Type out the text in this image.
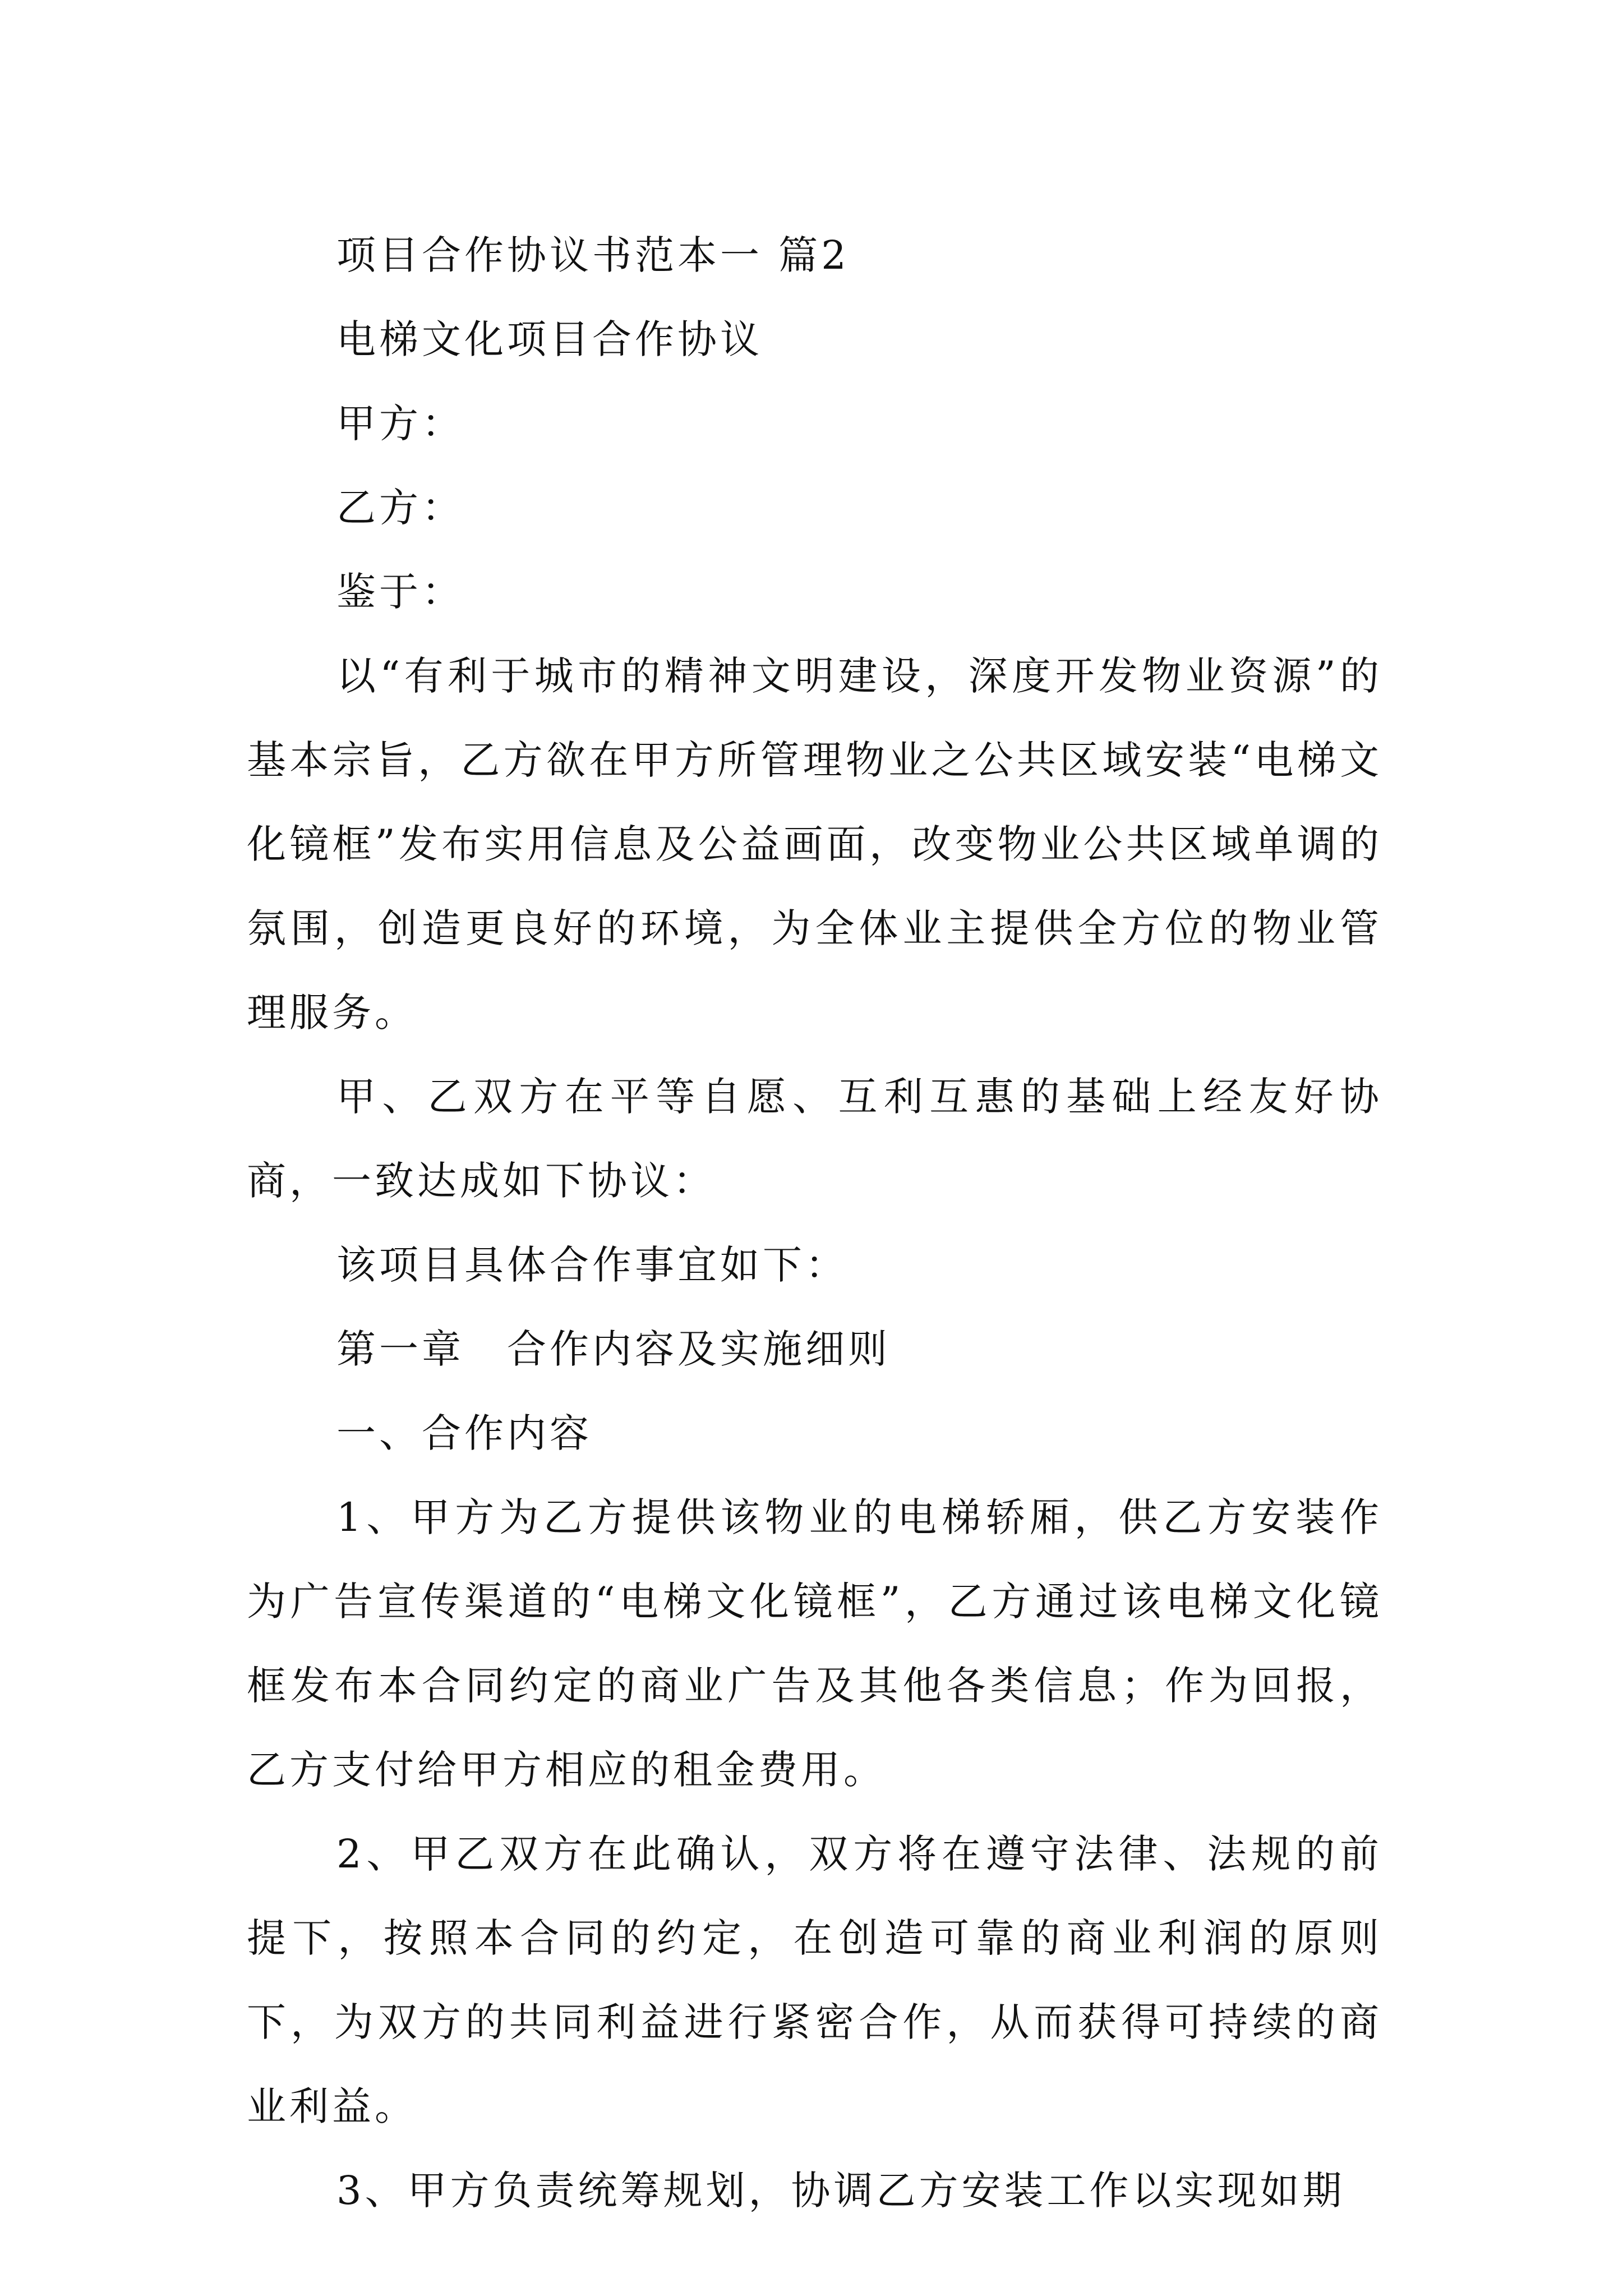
项目合作协议书范本一 篇2

电梯文化项目合作协议

甲方：

乙方：

鉴于：

以“有利于城市的精神文明建设，深度开发物业资源”的基本宗旨，乙方欲在甲方所管理物业之公共区域安装“电梯文化镜框”发布实用信息及公益画面，改变物业公共区域单调的氛围，创造更良好的环境，为全体业主提供全方位的物业管理服务。

甲、乙双方在平等自愿、互利互惠的基础上经友好协商，一致达成如下协议：

该项目具体合作事宜如下：

第一章　合作内容及实施细则

一、合作内容

1、甲方为乙方提供该物业的电梯轿厢，供乙方安装作为广告宣传渠道的“电梯文化镜框”，乙方通过该电梯文化镜框发布本合同约定的商业广告及其他各类信息；作为回报，乙方支付给甲方相应的租金费用。

2、甲乙双方在此确认，双方将在遵守法律、法规的前提下，按照本合同的约定，在创造可靠的商业利润的原则下，为双方的共同利益进行紧密合作，从而获得可持续的商业利益。

3、甲方负责统筹规划，协调乙方安装工作以实现如期
